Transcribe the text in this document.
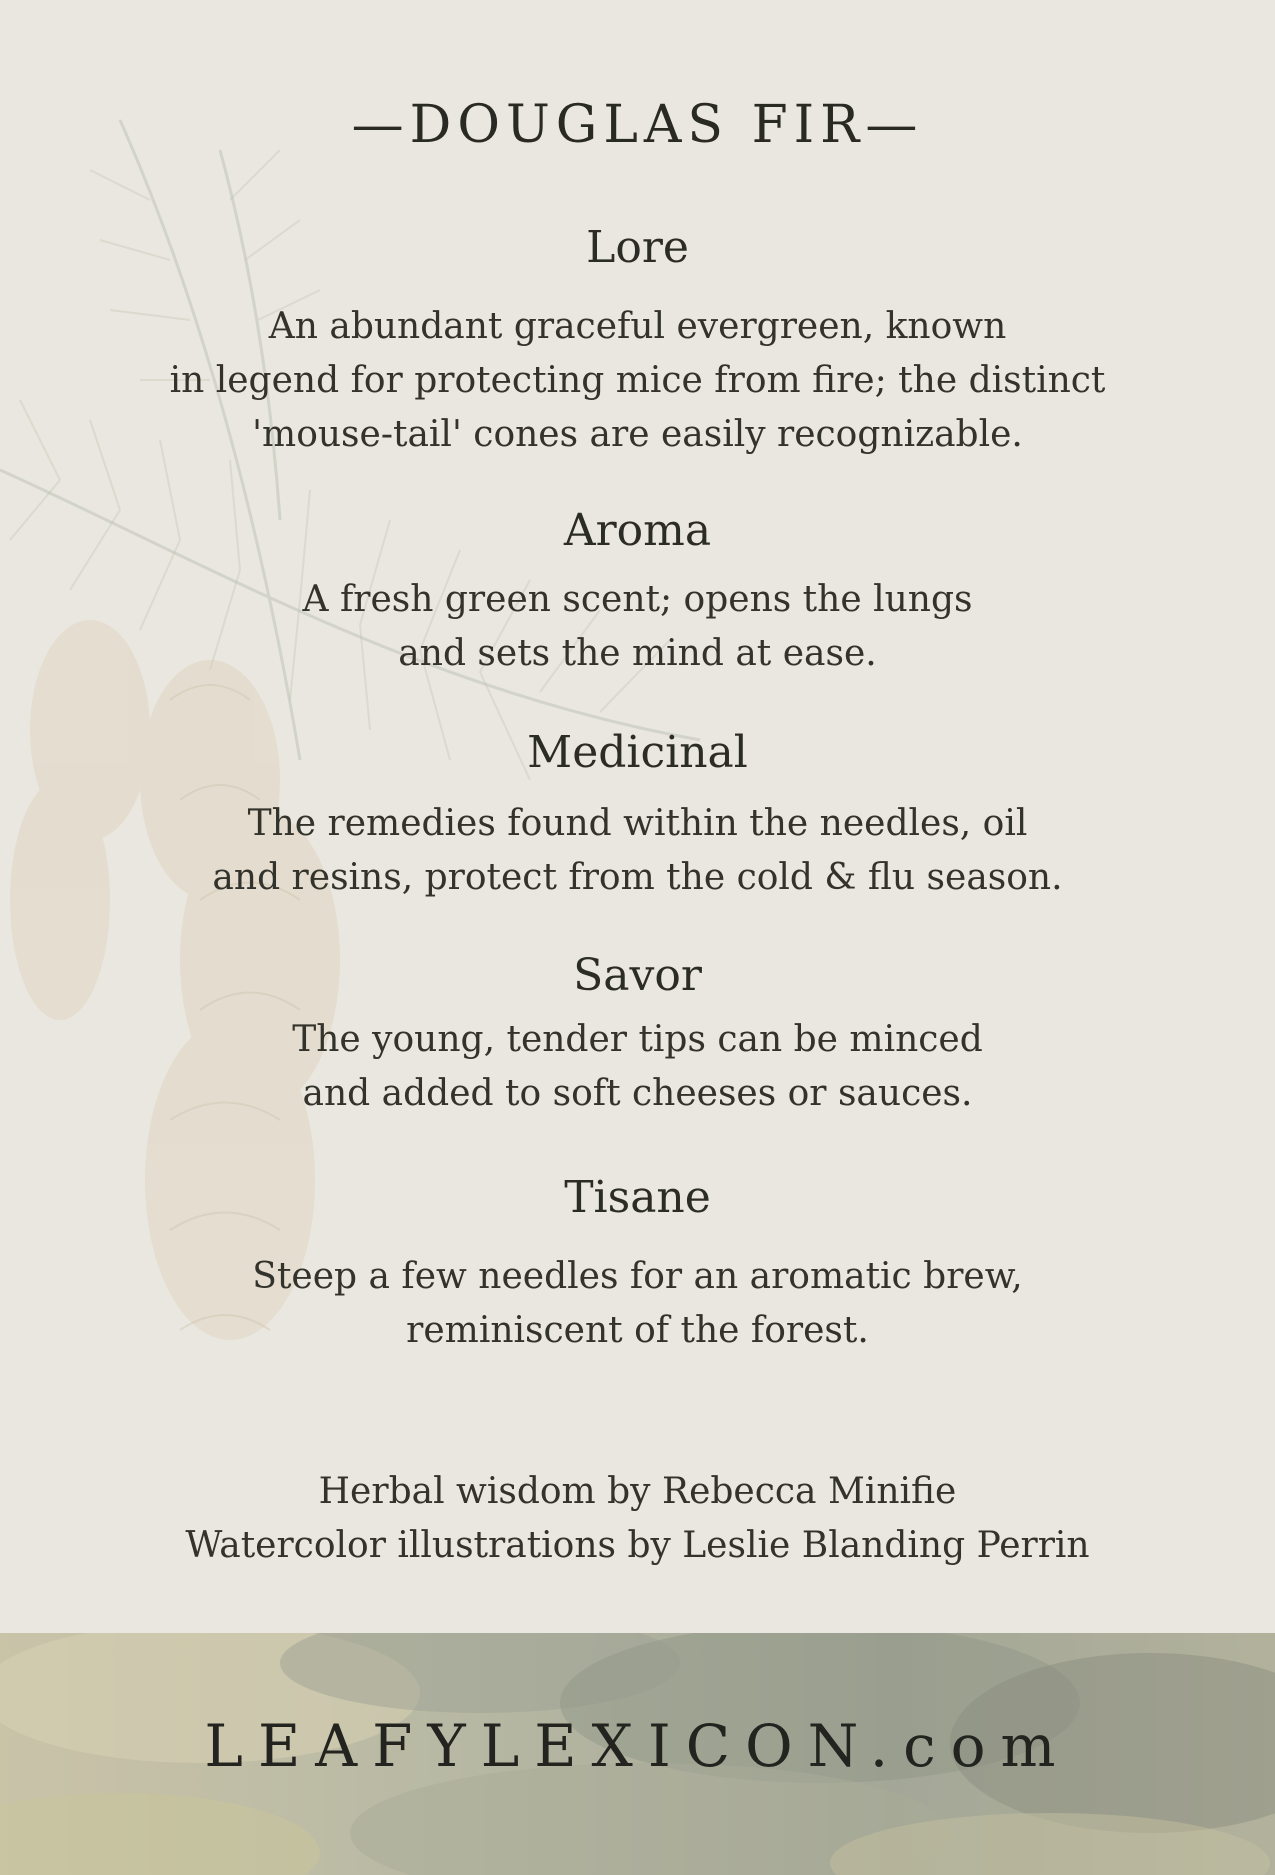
—DOUGLAS FIR—
Lore

An abundant graceful evergreen, known
in legend for protecting mice from fire; the distinct
'mouse-tail' cones are easily recognizable.

Aroma

A fresh green scent; opens the lungs
and sets the mind at ease.

Medicinal

The remedies found within the needles, oil
and resins, protect from the cold & flu season.

Savor

The young, tender tips can be minced
and added to soft cheeses or sauces.

Tisane

Steep a few needles for an aromatic brew,
reminiscent of the forest.

Herbal wisdom by Rebecca Minifie
Watercolor illustrations by Leslie Blanding Perrin
LEAFYLEXICON.com
